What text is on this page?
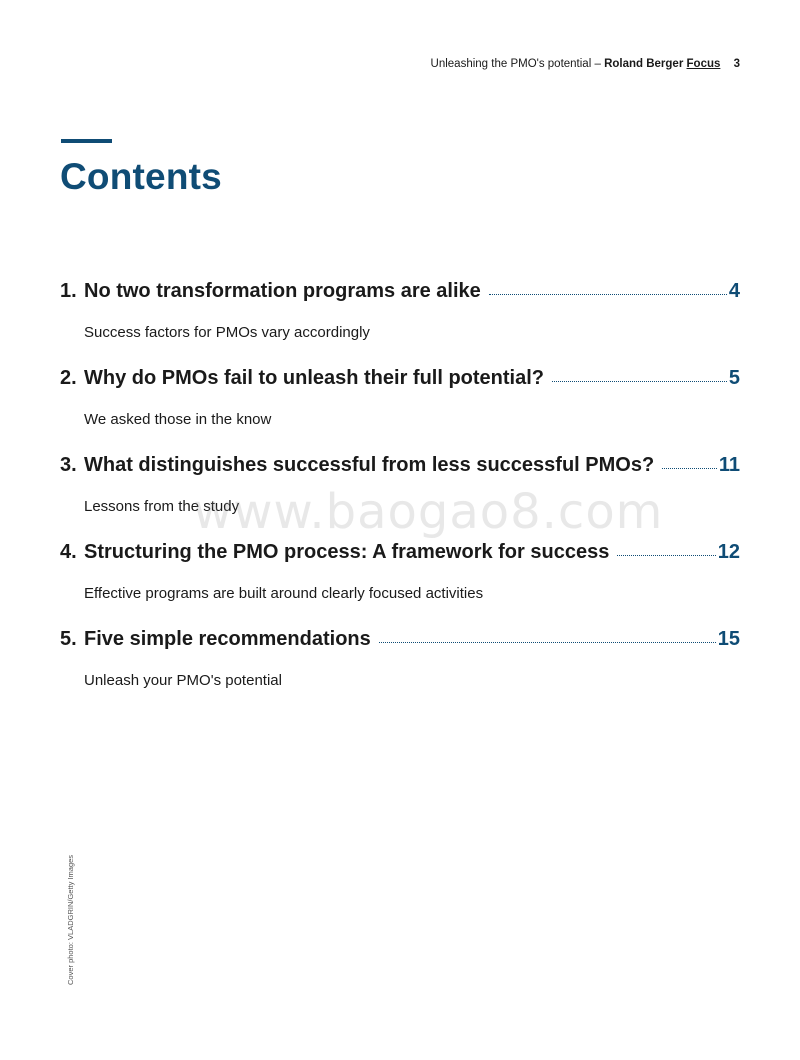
Unleashing the PMO's potential – Roland Berger Focus 3
Contents
1. No two transformation programs are alike	4
Success factors for PMOs vary accordingly
2. Why do PMOs fail to unleash their full potential?	5
We asked those in the know
3. What distinguishes successful from less successful PMOs?	11
Lessons from the study
4. Structuring the PMO process: A framework for success	12
Effective programs are built around clearly focused activities
5. Five simple recommendations	15
Unleash your PMO's potential
www.baogao8.com
Cover photo: VLADGRIN/Getty Images
